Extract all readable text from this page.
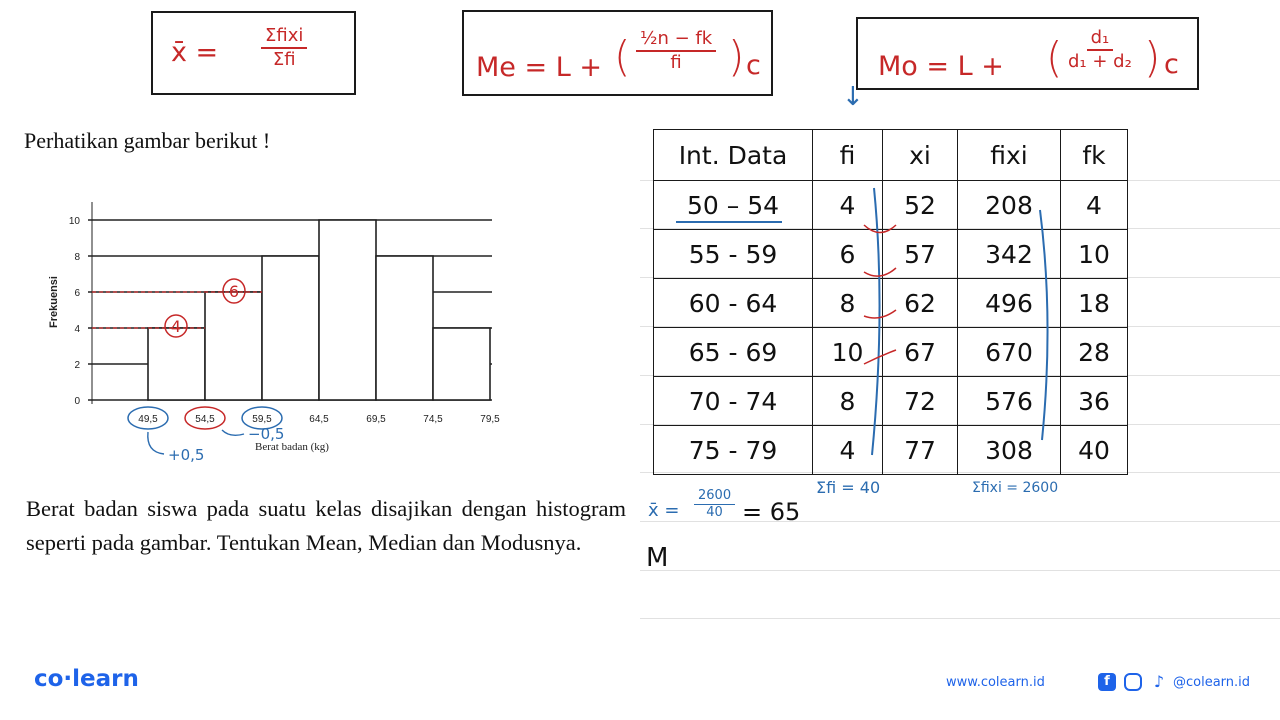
x̄ =
Σfixi
Σfi	Me = L + ( $\frac{\text{½n − fk}}{fi}$ ) c	Mo = L + ( $\frac{\text{d₁}}{\text{d₁ + d₂}}$ ) c
↓
Perhatikan gambar berikut !
0
2
4
6
8
10
49,5	54,5	59,5	64,5	69,5	74,5	79,5
Frekuensi
Berat badan (kg)
4
6
−0,5
+0,5
Berat badan siswa pada suatu kelas disajikan dengan histogram seperti pada gambar. Tentukan Mean, Median dan Modusnya.
Int. Data	fi	xi	fixi	fk
50 – 54	4	52	208	4
55 - 59	6	57	342	10
60 - 64	8	62	496	18
65 - 69	10	67	670	28
70 - 74	8	72	576	36
75 - 79	4	77	308	40
Σfi = 40	Σfixi = 2600
x̄ = $\frac{2600}{40} = 65$
M
co·learn	www.colearn.id	f	♪ @colearn.id
